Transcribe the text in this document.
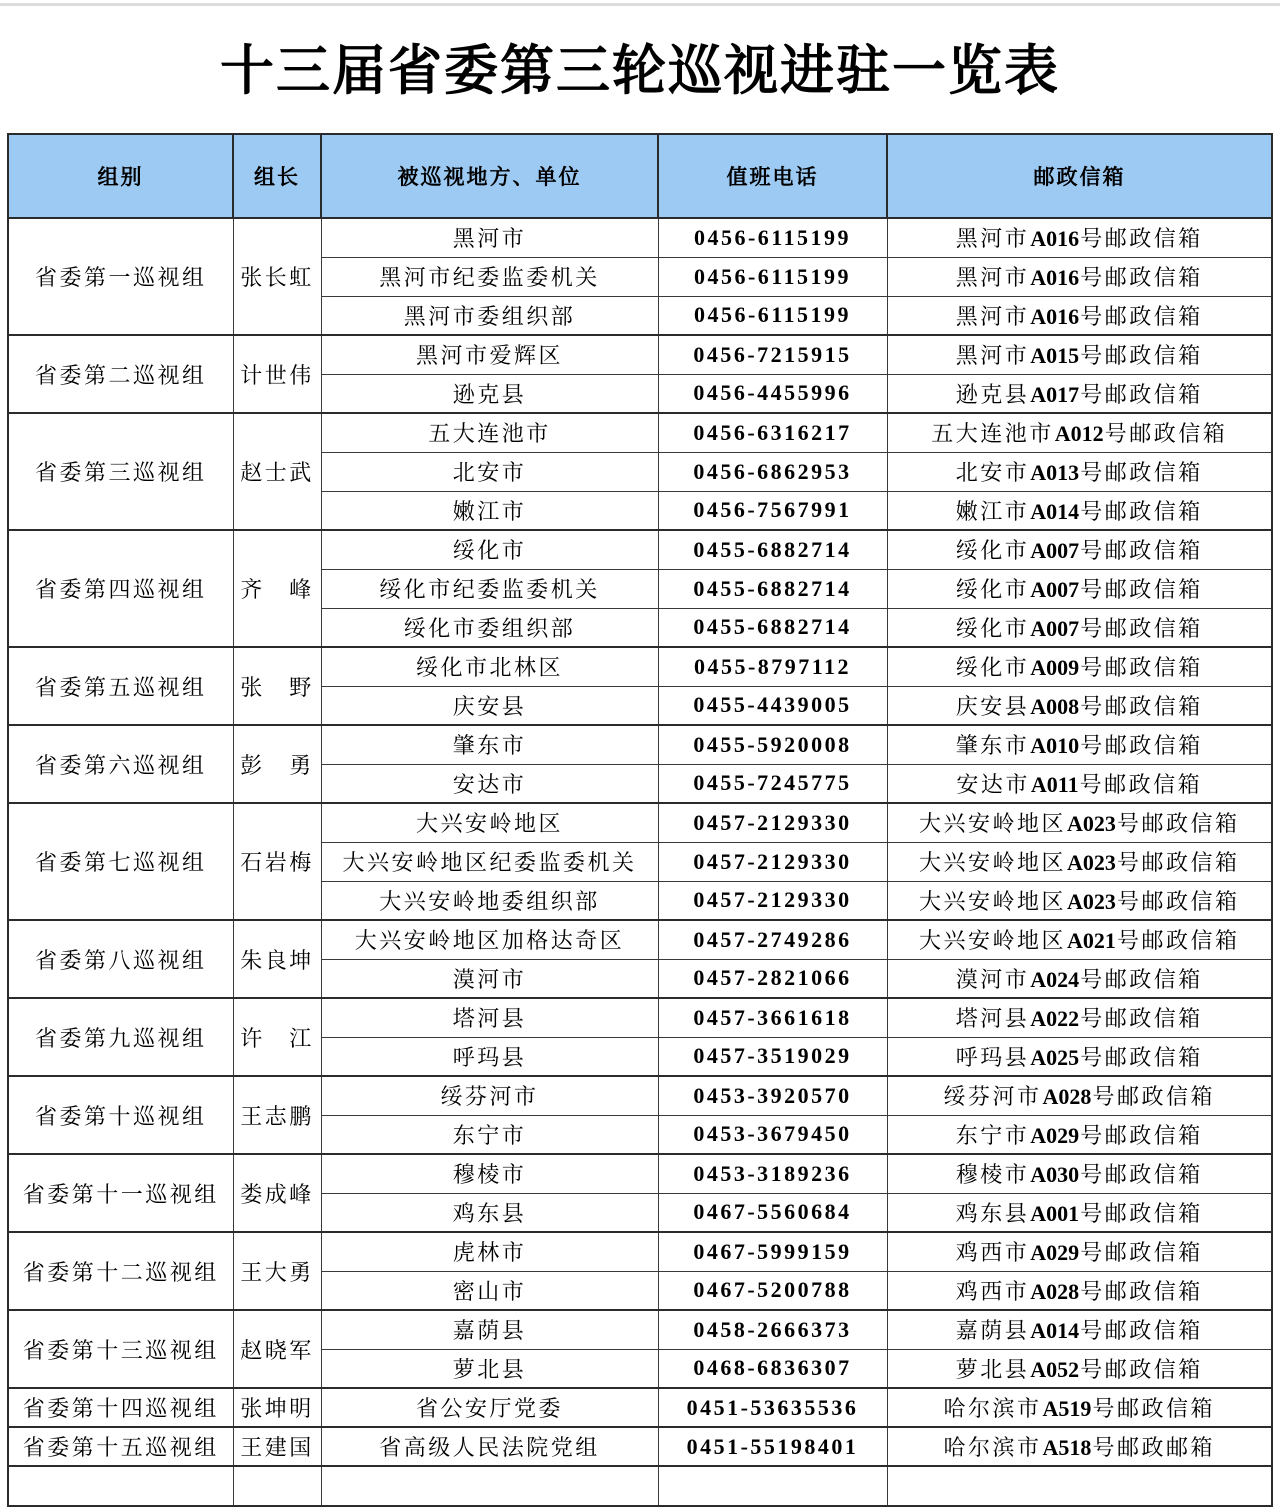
十三届省委第三轮巡视进驻一览表
组别	组长	被巡视地方、单位	值班电话	邮政信箱
省委第一巡视组	张长虹	黑河市	0456-6115199	黑河市A016号邮政信箱
		黑河市纪委监委机关	0456-6115199	黑河市A016号邮政信箱
		黑河市委组织部	0456-6115199	黑河市A016号邮政信箱
省委第二巡视组	计世伟	黑河市爱辉区	0456-7215915	黑河市A015号邮政信箱
		逊克县	0456-4455996	逊克县A017号邮政信箱
省委第三巡视组	赵士武	五大连池市	0456-6316217	五大连池市A012号邮政信箱
		北安市	0456-6862953	北安市A013号邮政信箱
		嫩江市	0456-7567991	嫩江市A014号邮政信箱
省委第四巡视组	齐　峰	绥化市	0455-6882714	绥化市A007号邮政信箱
		绥化市纪委监委机关	0455-6882714	绥化市A007号邮政信箱
		绥化市委组织部	0455-6882714	绥化市A007号邮政信箱
省委第五巡视组	张　野	绥化市北林区	0455-8797112	绥化市A009号邮政信箱
		庆安县	0455-4439005	庆安县A008号邮政信箱
省委第六巡视组	彭　勇	肇东市	0455-5920008	肇东市A010号邮政信箱
		安达市	0455-7245775	安达市A011号邮政信箱
省委第七巡视组	石岩梅	大兴安岭地区	0457-2129330	大兴安岭地区A023号邮政信箱
		大兴安岭地区纪委监委机关	0457-2129330	大兴安岭地区A023号邮政信箱
		大兴安岭地委组织部	0457-2129330	大兴安岭地区A023号邮政信箱
省委第八巡视组	朱良坤	大兴安岭地区加格达奇区	0457-2749286	大兴安岭地区A021号邮政信箱
		漠河市	0457-2821066	漠河市A024号邮政信箱
省委第九巡视组	许　江	塔河县	0457-3661618	塔河县A022号邮政信箱
		呼玛县	0457-3519029	呼玛县A025号邮政信箱
省委第十巡视组	王志鹏	绥芬河市	0453-3920570	绥芬河市A028号邮政信箱
		东宁市	0453-3679450	东宁市A029号邮政信箱
省委第十一巡视组	娄成峰	穆棱市	0453-3189236	穆棱市A030号邮政信箱
		鸡东县	0467-5560684	鸡东县A001号邮政信箱
省委第十二巡视组	王大勇	虎林市	0467-5999159	鸡西市A029号邮政信箱
		密山市	0467-5200788	鸡西市A028号邮政信箱
省委第十三巡视组	赵晓军	嘉荫县	0458-2666373	嘉荫县A014号邮政信箱
		萝北县	0468-6836307	萝北县A052号邮政信箱
省委第十四巡视组	张坤明	省公安厅党委	0451-53635536	哈尔滨市A519号邮政信箱
省委第十五巡视组	王建国	省高级人民法院党组	0451-55198401	哈尔滨市A518号邮政邮箱
